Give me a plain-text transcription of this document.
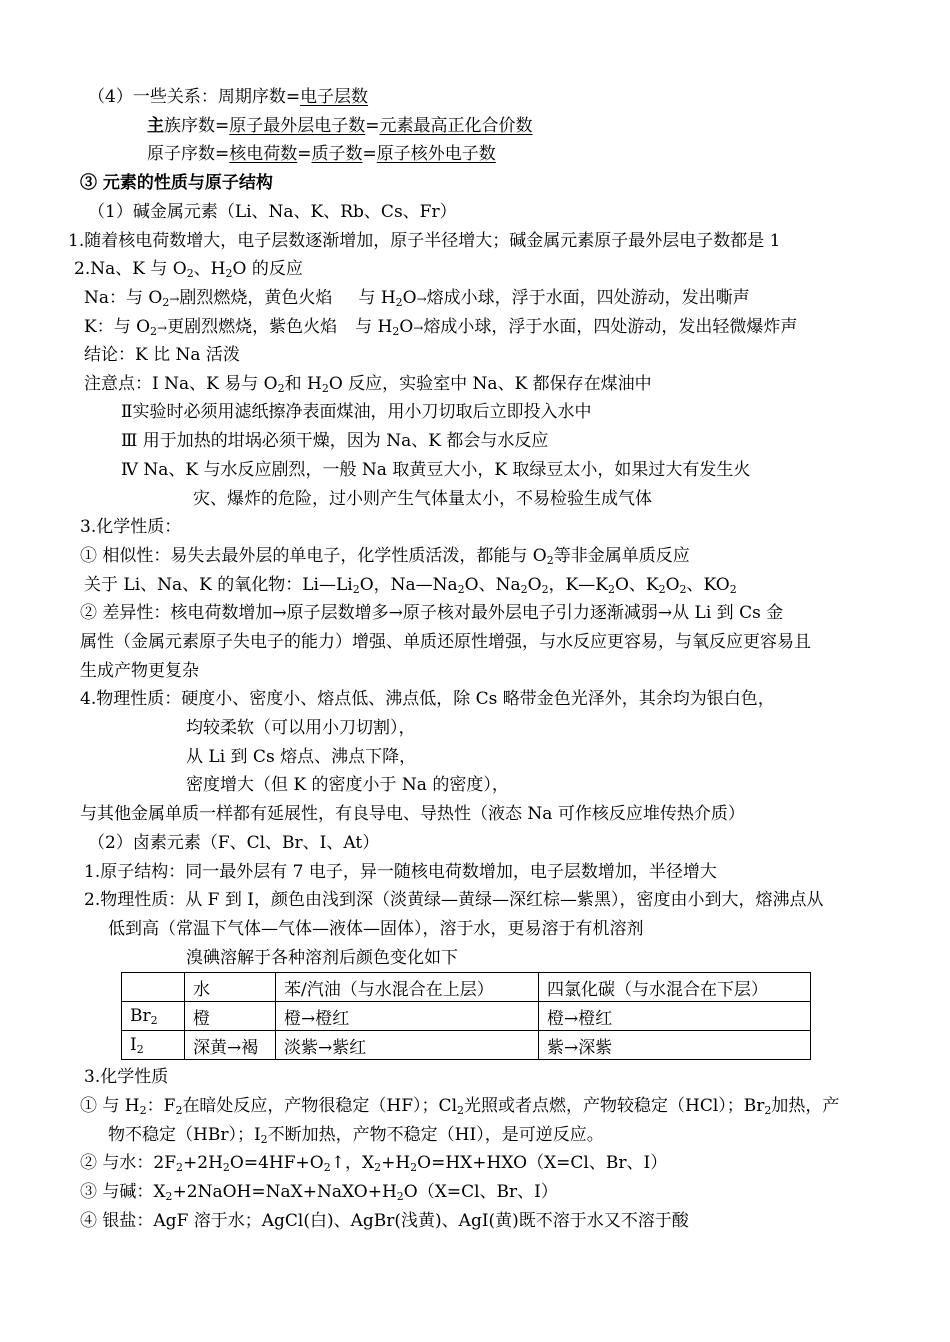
（4）一些关系：周期序数=电子层数
主族序数=原子最外层电子数=元素最高正化合价数
原子序数=核电荷数=质子数=原子核外电子数
③ 元素的性质与原子结构
（1）碱金属元素（Li、Na、K、Rb、Cs、Fr）
1.随着核电荷数增大，电子层数逐渐增加，原子半径增大；碱金属元素原子最外层电子数都是 1
2.Na、K 与 $O_2$、$H_2O$ 的反应
Na：与 $O_2\to$剧烈燃烧，黄色火焰 与 $H_2O\to$熔成小球，浮于水面，四处游动，发出嘶声
K：与 $O_2\to$更剧烈燃烧，紫色火焰 与 $H_2O\to$熔成小球，浮于水面，四处游动，发出轻微爆炸声
结论：K 比 Na 活泼
注意点：Ⅰ Na、K 易与 $O_2$和 $H_2O$ 反应，实验室中 Na、K 都保存在煤油中
Ⅱ实验时必须用滤纸擦净表面煤油，用小刀切取后立即投入水中
Ⅲ 用于加热的坩埚必须干燥，因为 Na、K 都会与水反应
Ⅳ Na、K 与水反应剧烈，一般 Na 取黄豆大小，K 取绿豆太小，如果过大有发生火
灾、爆炸的危险，过小则产生气体量太小，不易检验生成气体
3.化学性质：
① 相似性：易失去最外层的单电子，化学性质活泼，都能与 $O_2$等非金属单质反应
关于 Li、Na、K 的氧化物：$Li—Li_2O$，$Na—Na_2O$、$Na_2O_2$，$K—K_2O$、$K_2O_2$、$KO_2$
② 差异性：核电荷数增加→原子层数增多→原子核对最外层电子引力逐渐减弱→从 Li 到 Cs 金
属性（金属元素原子失电子的能力）增强、单质还原性增强，与水反应更容易，与氧反应更容易且
生成产物更复杂
4.物理性质：硬度小、密度小、熔点低、沸点低，除 Cs 略带金色光泽外，其余均为银白色，
均较柔软（可以用小刀切割），
从 Li 到 Cs 熔点、沸点下降，
密度增大（但 K 的密度小于 Na 的密度），
与其他金属单质一样都有延展性，有良导电、导热性（液态 Na 可作核反应堆传热介质）
（2）卤素元素（F、Cl、Br、I、At）
1.原子结构：同一最外层有 7 电子，异一随核电荷数增加，电子层数增加，半径增大
2.物理性质：从 F 到 I，颜色由浅到深（淡黄绿—黄绿—深红棕—紫黑），密度由小到大，熔沸点从
低到高（常温下气体—气体—液体—固体），溶于水，更易溶于有机溶剂
溴碘溶解于各种溶剂后颜色变化如下
	水	苯/汽油（与水混合在上层）	四氯化碳（与水混合在下层）
$Br_2$	橙	橙→橙红	橙→橙红
$I_2$	深黄→褐	淡紫→紫红	紫→深紫
3.化学性质
① 与 $H_2$：$F_2$在暗处反应，产物很稳定（HF）；$Cl_2$光照或者点燃，产物较稳定（HCl）；$Br_2$加热，产
物不稳定（HBr）；$I_2$不断加热，产物不稳定（HI），是可逆反应。
② 与水：$2F_2+2H_2O=4HF+O_2↑$，$X_2+H_2O=HX+HXO(X=Cl$、Br、I）
③ 与碱：$X_2+2NaOH=NaX+NaXO+H_2O(X=Cl$、Br、I）
④ 银盐：AgF 溶于水；AgCl(白)、AgBr(浅黄)、AgI(黄)既不溶于水又不溶于酸
